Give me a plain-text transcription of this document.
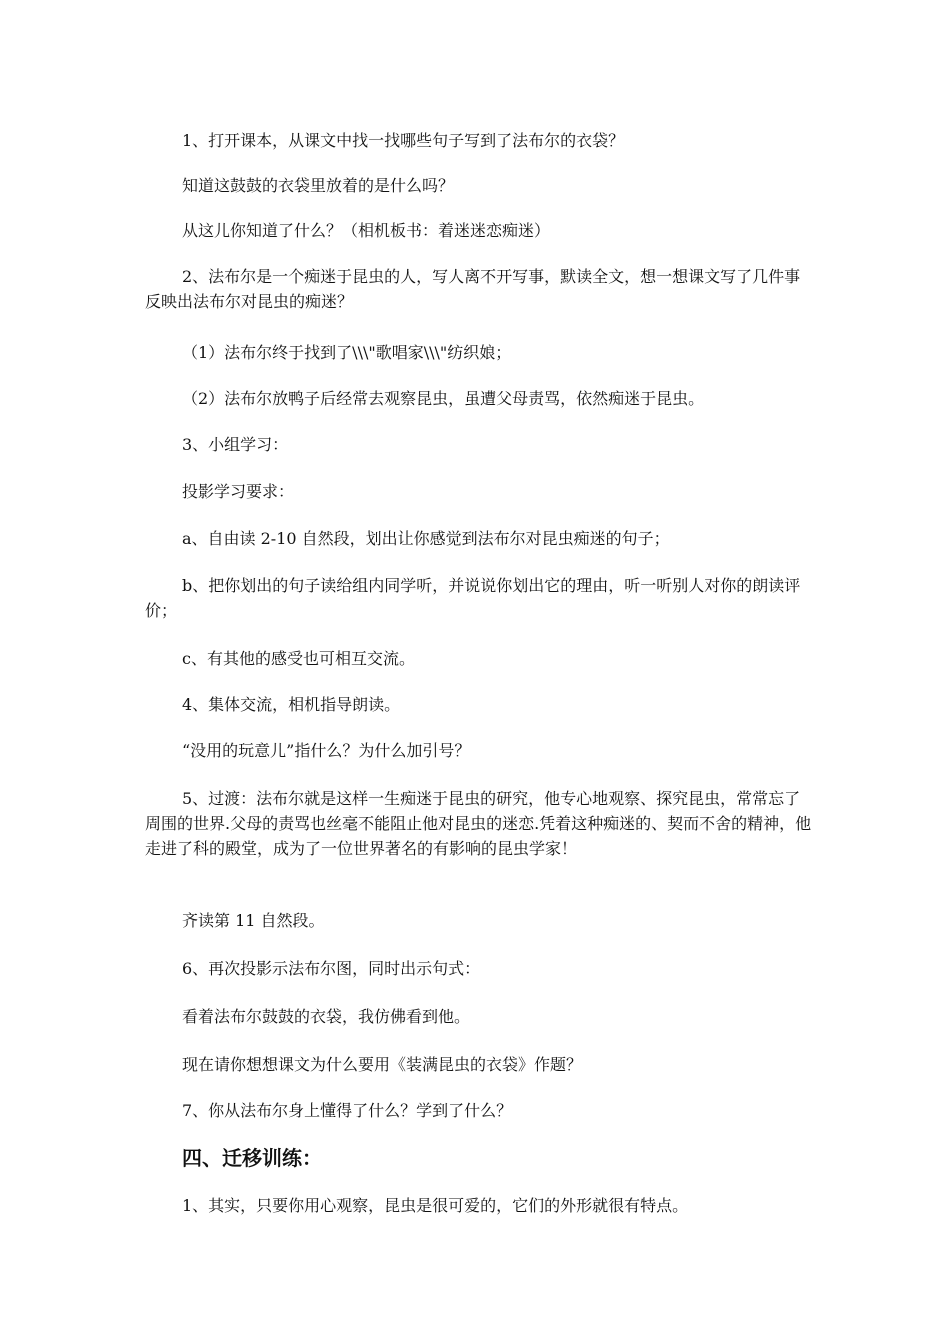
1、打开课本，从课文中找一找哪些句子写到了法布尔的衣袋？

知道这鼓鼓的衣袋里放着的是什么吗？

从这儿你知道了什么？（相机板书：着迷迷恋痴迷）

2、法布尔是一个痴迷于昆虫的人，写人离不开写事，默读全文，想一想课文写了几件事反映出法布尔对昆虫的痴迷？

（1）法布尔终于找到了\\\"歌唱家\\\"纺织娘；

（2）法布尔放鸭子后经常去观察昆虫，虽遭父母责骂，依然痴迷于昆虫。

3、小组学习：

投影学习要求：

a、自由读 2-10 自然段，划出让你感觉到法布尔对昆虫痴迷的句子；

b、把你划出的句子读给组内同学听，并说说你划出它的理由，听一听别人对你的朗读评价；

c、有其他的感受也可相互交流。

4、集体交流，相机指导朗读。

“没用的玩意儿”指什么？为什么加引号？

5、过渡：法布尔就是这样一生痴迷于昆虫的研究，他专心地观察、探究昆虫，常常忘了周围的世界.父母的责骂也丝毫不能阻止他对昆虫的迷恋.凭着这种痴迷的、契而不舍的精神，他走进了科的殿堂，成为了一位世界著名的有影响的昆虫学家！

齐读第 11 自然段。

6、再次投影示法布尔图，同时出示句式：

看着法布尔鼓鼓的衣袋，我仿佛看到他。

现在请你想想课文为什么要用《装满昆虫的衣袋》作题？

7、你从法布尔身上懂得了什么？学到了什么？

四、迁移训练：

1、其实，只要你用心观察，昆虫是很可爱的，它们的外形就很有特点。
